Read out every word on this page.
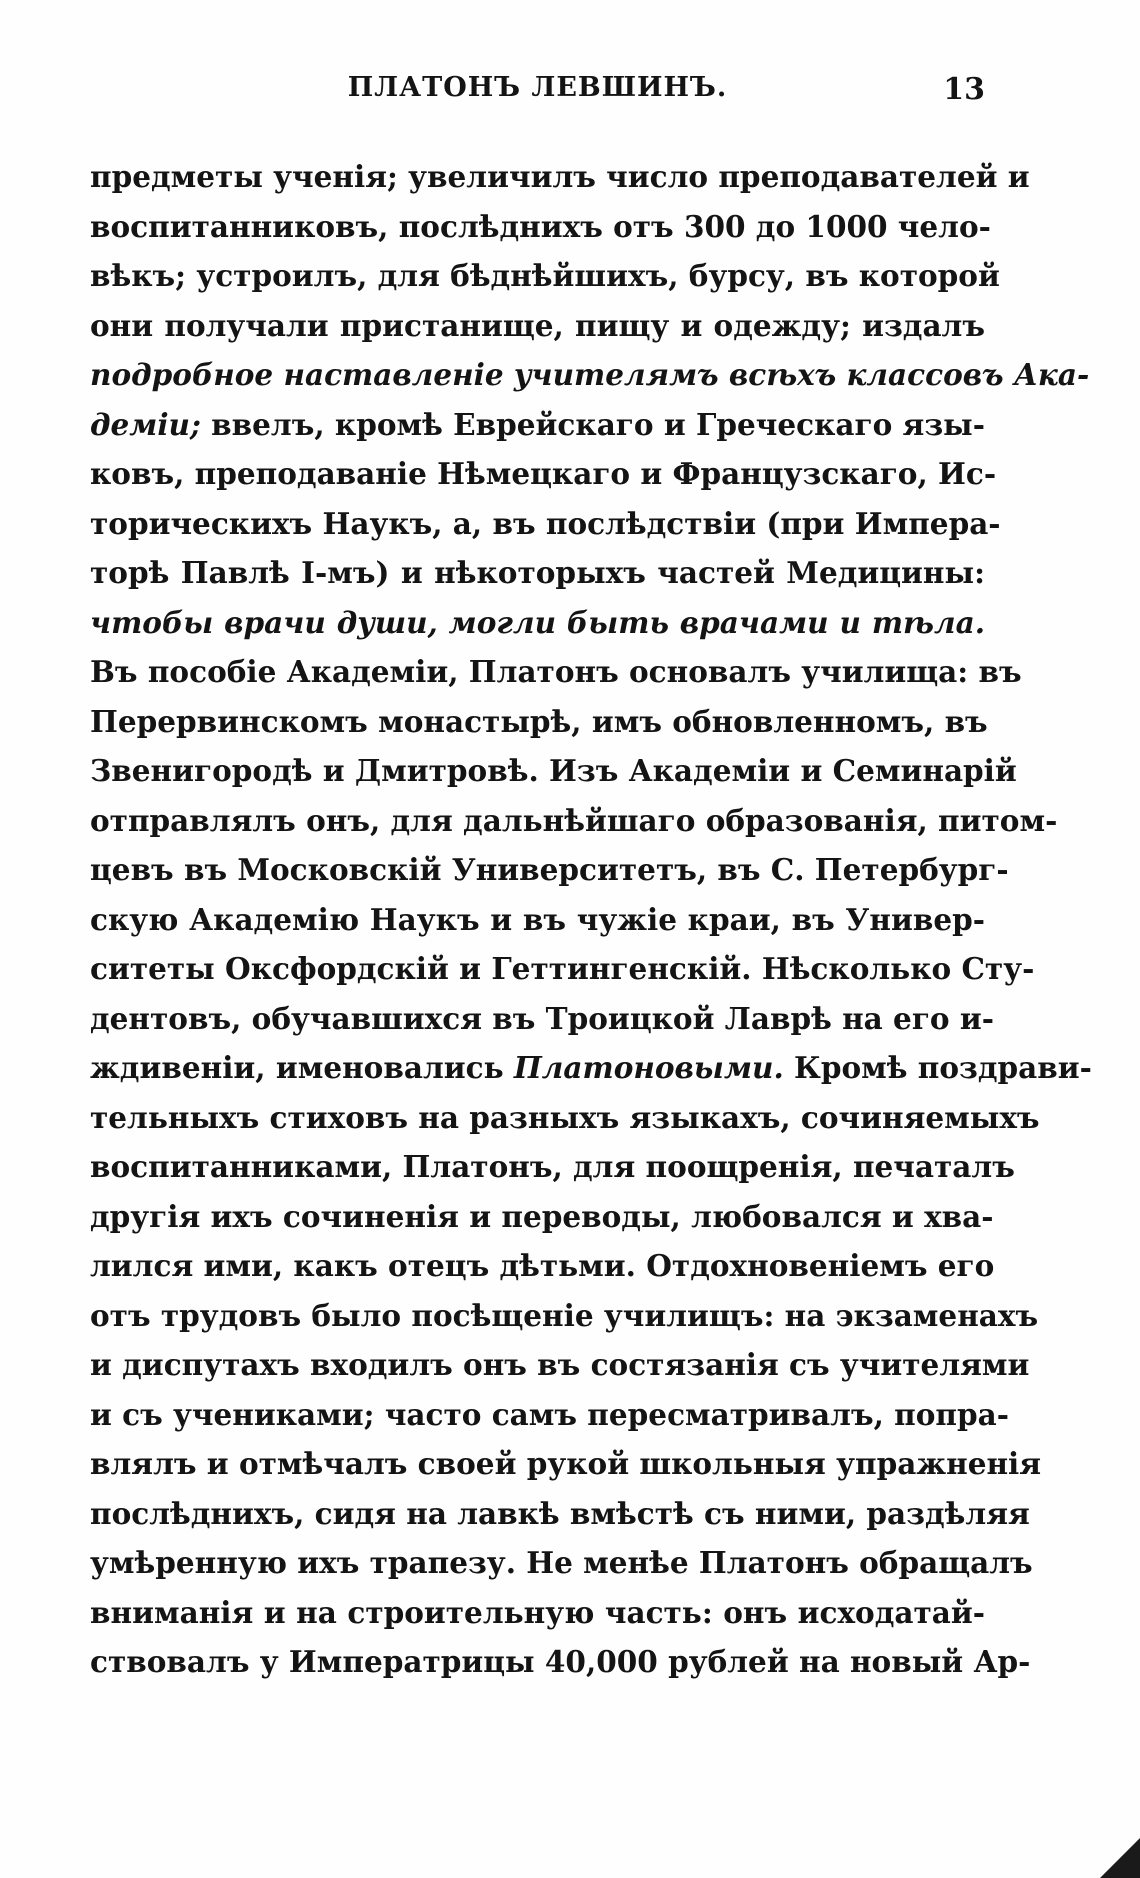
ПЛАТОНЪ ЛЕВШИНЪ.	13
предметы ученія; увеличилъ число преподавателей и
воспитанниковъ, послѣднихъ отъ 300 до 1000 чело-
вѣкъ; устроилъ, для бѣднѣйшихъ, бурсу, въ которой
они получали пристанище, пищу и одежду; издалъ
подробное наставленіе учителямъ всѣхъ классовъ Ака-
деміи; ввелъ, кромѣ Еврейскаго и Греческаго язы-
ковъ, преподаваніе Нѣмецкаго и Французскаго, Ис-
торическихъ Наукъ, а, въ послѣдствіи (при Импера-
торѣ Павлѣ I-мъ) и нѣкоторыхъ частей Медицины:
чтобы врачи души, могли быть врачами и тѣла.
Въ пособіе Академіи, Платонъ основалъ училища: въ
Перервинскомъ монастырѣ, имъ обновленномъ, въ
Звенигородѣ и Дмитровѣ. Изъ Академіи и Семинарій
отправлялъ онъ, для дальнѣйшаго образованія, питом-
цевъ въ Московскій Университетъ, въ С. Петербург-
скую Академію Наукъ и въ чужіе краи, въ Универ-
ситеты Оксфордскій и Геттингенскій. Нѣсколько Сту-
дентовъ, обучавшихся въ Троицкой Лаврѣ на его и-
ждивеніи, именовались Платоновыми. Кромѣ поздрави-
тельныхъ стиховъ на разныхъ языкахъ, сочиняемыхъ
воспитанниками, Платонъ, для поощренія, печаталъ
другія ихъ сочиненія и переводы, любовался и хва-
лился ими, какъ отецъ дѣтьми. Отдохновеніемъ его
отъ трудовъ было посѣщеніе училищъ: на экзаменахъ
и диспутахъ входилъ онъ въ состязанія съ учителями
и съ учениками; часто самъ пересматривалъ, попра-
влялъ и отмѣчалъ своей рукой школьныя упражненія
послѣднихъ, сидя на лавкѣ вмѣстѣ съ ними, раздѣляя
умѣренную ихъ трапезу. Не менѣе Платонъ обращалъ
вниманія и на строительную часть: онъ исходатай-
ствовалъ у Императрицы 40,000 рублей на новый Ар-
